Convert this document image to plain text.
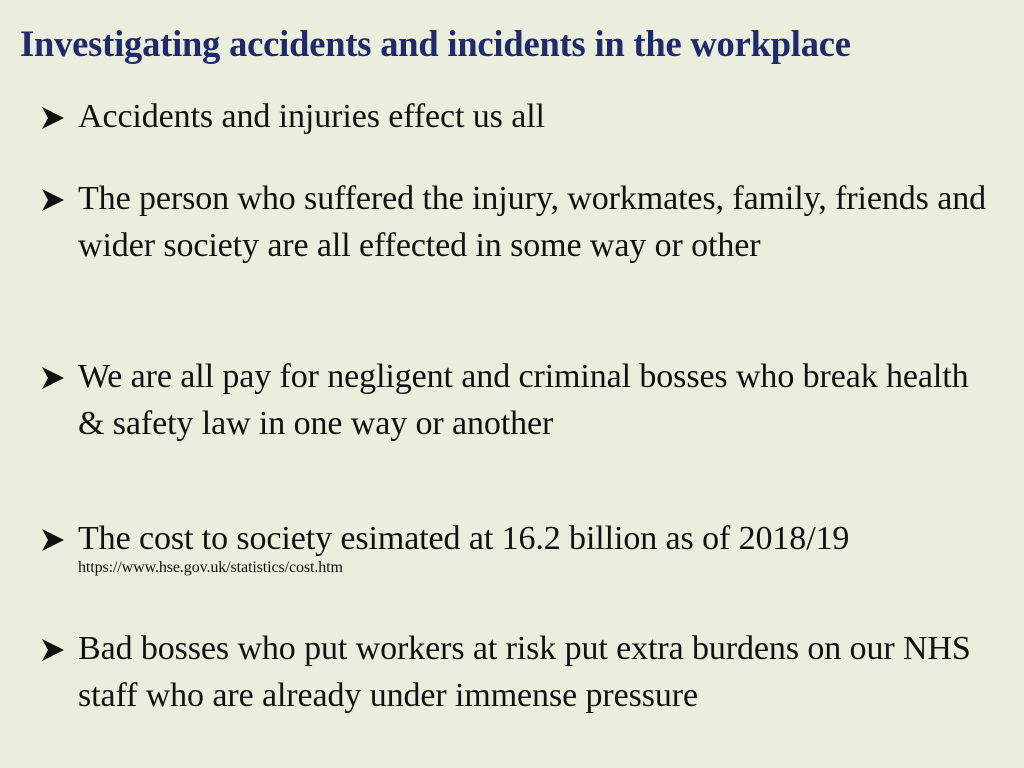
Investigating accidents and incidents in the workplace
Accidents and injuries effect us all
The person who suffered the injury, workmates, family, friends and wider society are all effected in some way or other
We are all pay for negligent and criminal bosses who break health & safety law in one way or another
The cost to society esimated at 16.2 billion as of 2018/19
https://www.hse.gov.uk/statistics/cost.htm
Bad bosses who put workers at risk put extra burdens on our NHS staff who are already under immense pressure
